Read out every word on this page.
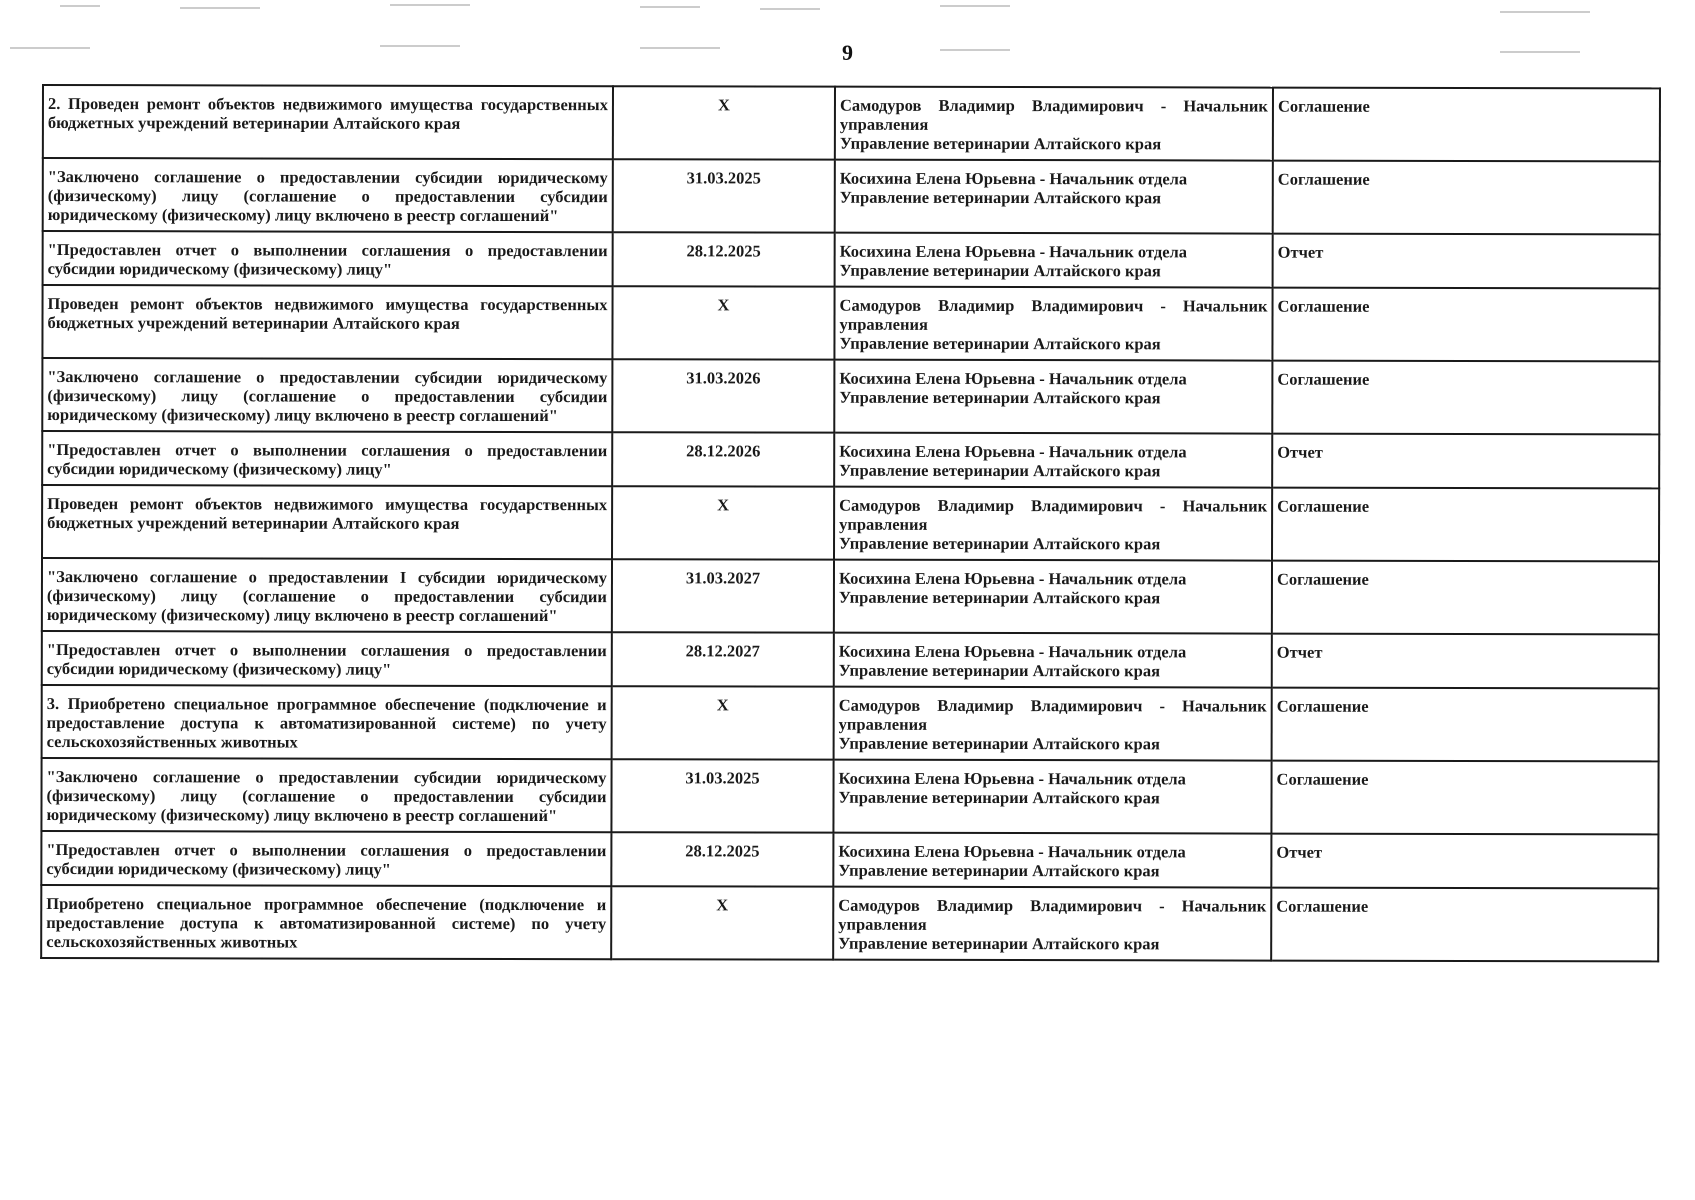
9
2. Проведен ремонт объектов недвижимого имущества государственных бюджетных учреждений ветеринарии Алтайского края	X	Самодуров Владимир Владимирович - Начальник
управления
Управление ветеринарии Алтайского края	Соглашение
"Заключено соглашение о предоставлении субсидии юридическому (физическому) лицу (соглашение о предоставлении субсидии юридическому (физическому) лицу включено в реестр соглашений"	31.03.2025	Косихина Елена Юрьевна - Начальник отдела
Управление ветеринарии Алтайского края	Соглашение
"Предоставлен отчет о выполнении соглашения о предоставлении субсидии юридическому (физическому) лицу"	28.12.2025	Косихина Елена Юрьевна - Начальник отдела
Управление ветеринарии Алтайского края	Отчет
Проведен ремонт объектов недвижимого имущества государственных бюджетных учреждений ветеринарии Алтайского края	X	Самодуров Владимир Владимирович - Начальник
управления
Управление ветеринарии Алтайского края	Соглашение
"Заключено соглашение о предоставлении субсидии юридическому (физическому) лицу (соглашение о предоставлении субсидии юридическому (физическому) лицу включено в реестр соглашений"	31.03.2026	Косихина Елена Юрьевна - Начальник отдела
Управление ветеринарии Алтайского края	Соглашение
"Предоставлен отчет о выполнении соглашения о предоставлении субсидии юридическому (физическому) лицу"	28.12.2026	Косихина Елена Юрьевна - Начальник отдела
Управление ветеринарии Алтайского края	Отчет
Проведен ремонт объектов недвижимого имущества государственных бюджетных учреждений ветеринарии Алтайского края	X	Самодуров Владимир Владимирович - Начальник
управления
Управление ветеринарии Алтайского края	Соглашение
"Заключено соглашение о предоставлении I субсидии юридическому (физическому) лицу (соглашение о предоставлении субсидии юридическому (физическому) лицу включено в реестр соглашений"	31.03.2027	Косихина Елена Юрьевна - Начальник отдела
Управление ветеринарии Алтайского края	Соглашение
"Предоставлен отчет о выполнении соглашения о предоставлении субсидии юридическому (физическому) лицу"	28.12.2027	Косихина Елена Юрьевна - Начальник отдела
Управление ветеринарии Алтайского края	Отчет
3. Приобретено специальное программное обеспечение (подключение и предоставление доступа к автоматизированной системе) по учету сельскохозяйственных животных	X	Самодуров Владимир Владимирович - Начальник
управления
Управление ветеринарии Алтайского края	Соглашение
"Заключено соглашение о предоставлении субсидии юридическому (физическому) лицу (соглашение о предоставлении субсидии юридическому (физическому) лицу включено в реестр соглашений"	31.03.2025	Косихина Елена Юрьевна - Начальник отдела
Управление ветеринарии Алтайского края	Соглашение
"Предоставлен отчет о выполнении соглашения о предоставлении субсидии юридическому (физическому) лицу"	28.12.2025	Косихина Елена Юрьевна - Начальник отдела
Управление ветеринарии Алтайского края	Отчет
Приобретено специальное программное обеспечение (подключение и предоставление доступа к автоматизированной системе) по учету сельскохозяйственных животных	X	Самодуров Владимир Владимирович - Начальник
управления
Управление ветеринарии Алтайского края	Соглашение
